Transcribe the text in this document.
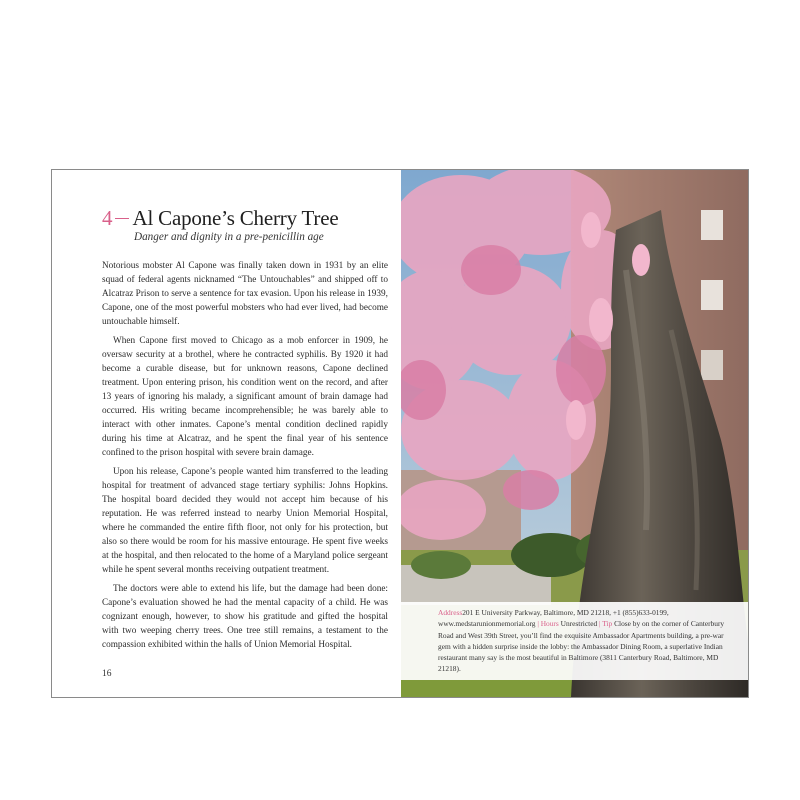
4 Al Capone’s Cherry Tree
Danger and dignity in a pre-penicillin age

Notorious mobster Al Capone was finally taken down in 1931 by an elite squad of federal agents nicknamed “The Untouchables” and shipped off to Alcatraz Prison to serve a sentence for tax evasion. Upon his release in 1939, Capone, one of the most powerful mobsters who had ever lived, had become untouchable himself.

When Capone first moved to Chicago as a mob enforcer in 1909, he oversaw security at a brothel, where he contracted syphilis. By 1920 it had become a curable disease, but for unknown reasons, Capone declined treatment. Upon entering prison, his condition went on the record, and after 13 years of ignoring his malady, a significant amount of brain damage had occurred. His writing became incomprehensible; he was barely able to interact with other inmates. Capone’s mental condition declined rapidly during his time at Alcatraz, and he spent the final year of his sentence confined to the prison hospital with severe brain damage.

Upon his release, Capone’s people wanted him transferred to the leading hospital for treatment of advanced stage tertiary syphilis: Johns Hopkins. The hospital board decided they would not accept him because of his reputation. He was referred instead to nearby Union Memorial Hospital, where he commanded the entire fifth floor, not only for his protection, but also so there would be room for his massive entourage. He spent five weeks at the hospital, and then relocated to the home of a Maryland police sergeant while he spent several months receiving outpatient treatment.

The doctors were able to extend his life, but the damage had been done: Capone’s evaluation showed he had the mental capacity of a child. He was cognizant enough, however, to show his gratitude and gifted the hospital with two weeping cherry trees. One tree still remains, a testament to the compassion exhibited within the halls of Union Memorial Hospital.

16
Address201 E University Parkway, Baltimore, MD 21218, +1 (855)633-0199, www.medstarunionmemorial.org | Hours Unrestricted | Tip Close by on the corner of Canterbury Road and West 39th Street, you’ll find the exquisite Ambassador Apartments building, a pre-war gem with a hidden surprise inside the lobby: the Ambassador Dining Room, a superlative Indian restaurant many say is the most beautiful in Baltimore (3811 Canterbury Road, Baltimore, MD 21218).
